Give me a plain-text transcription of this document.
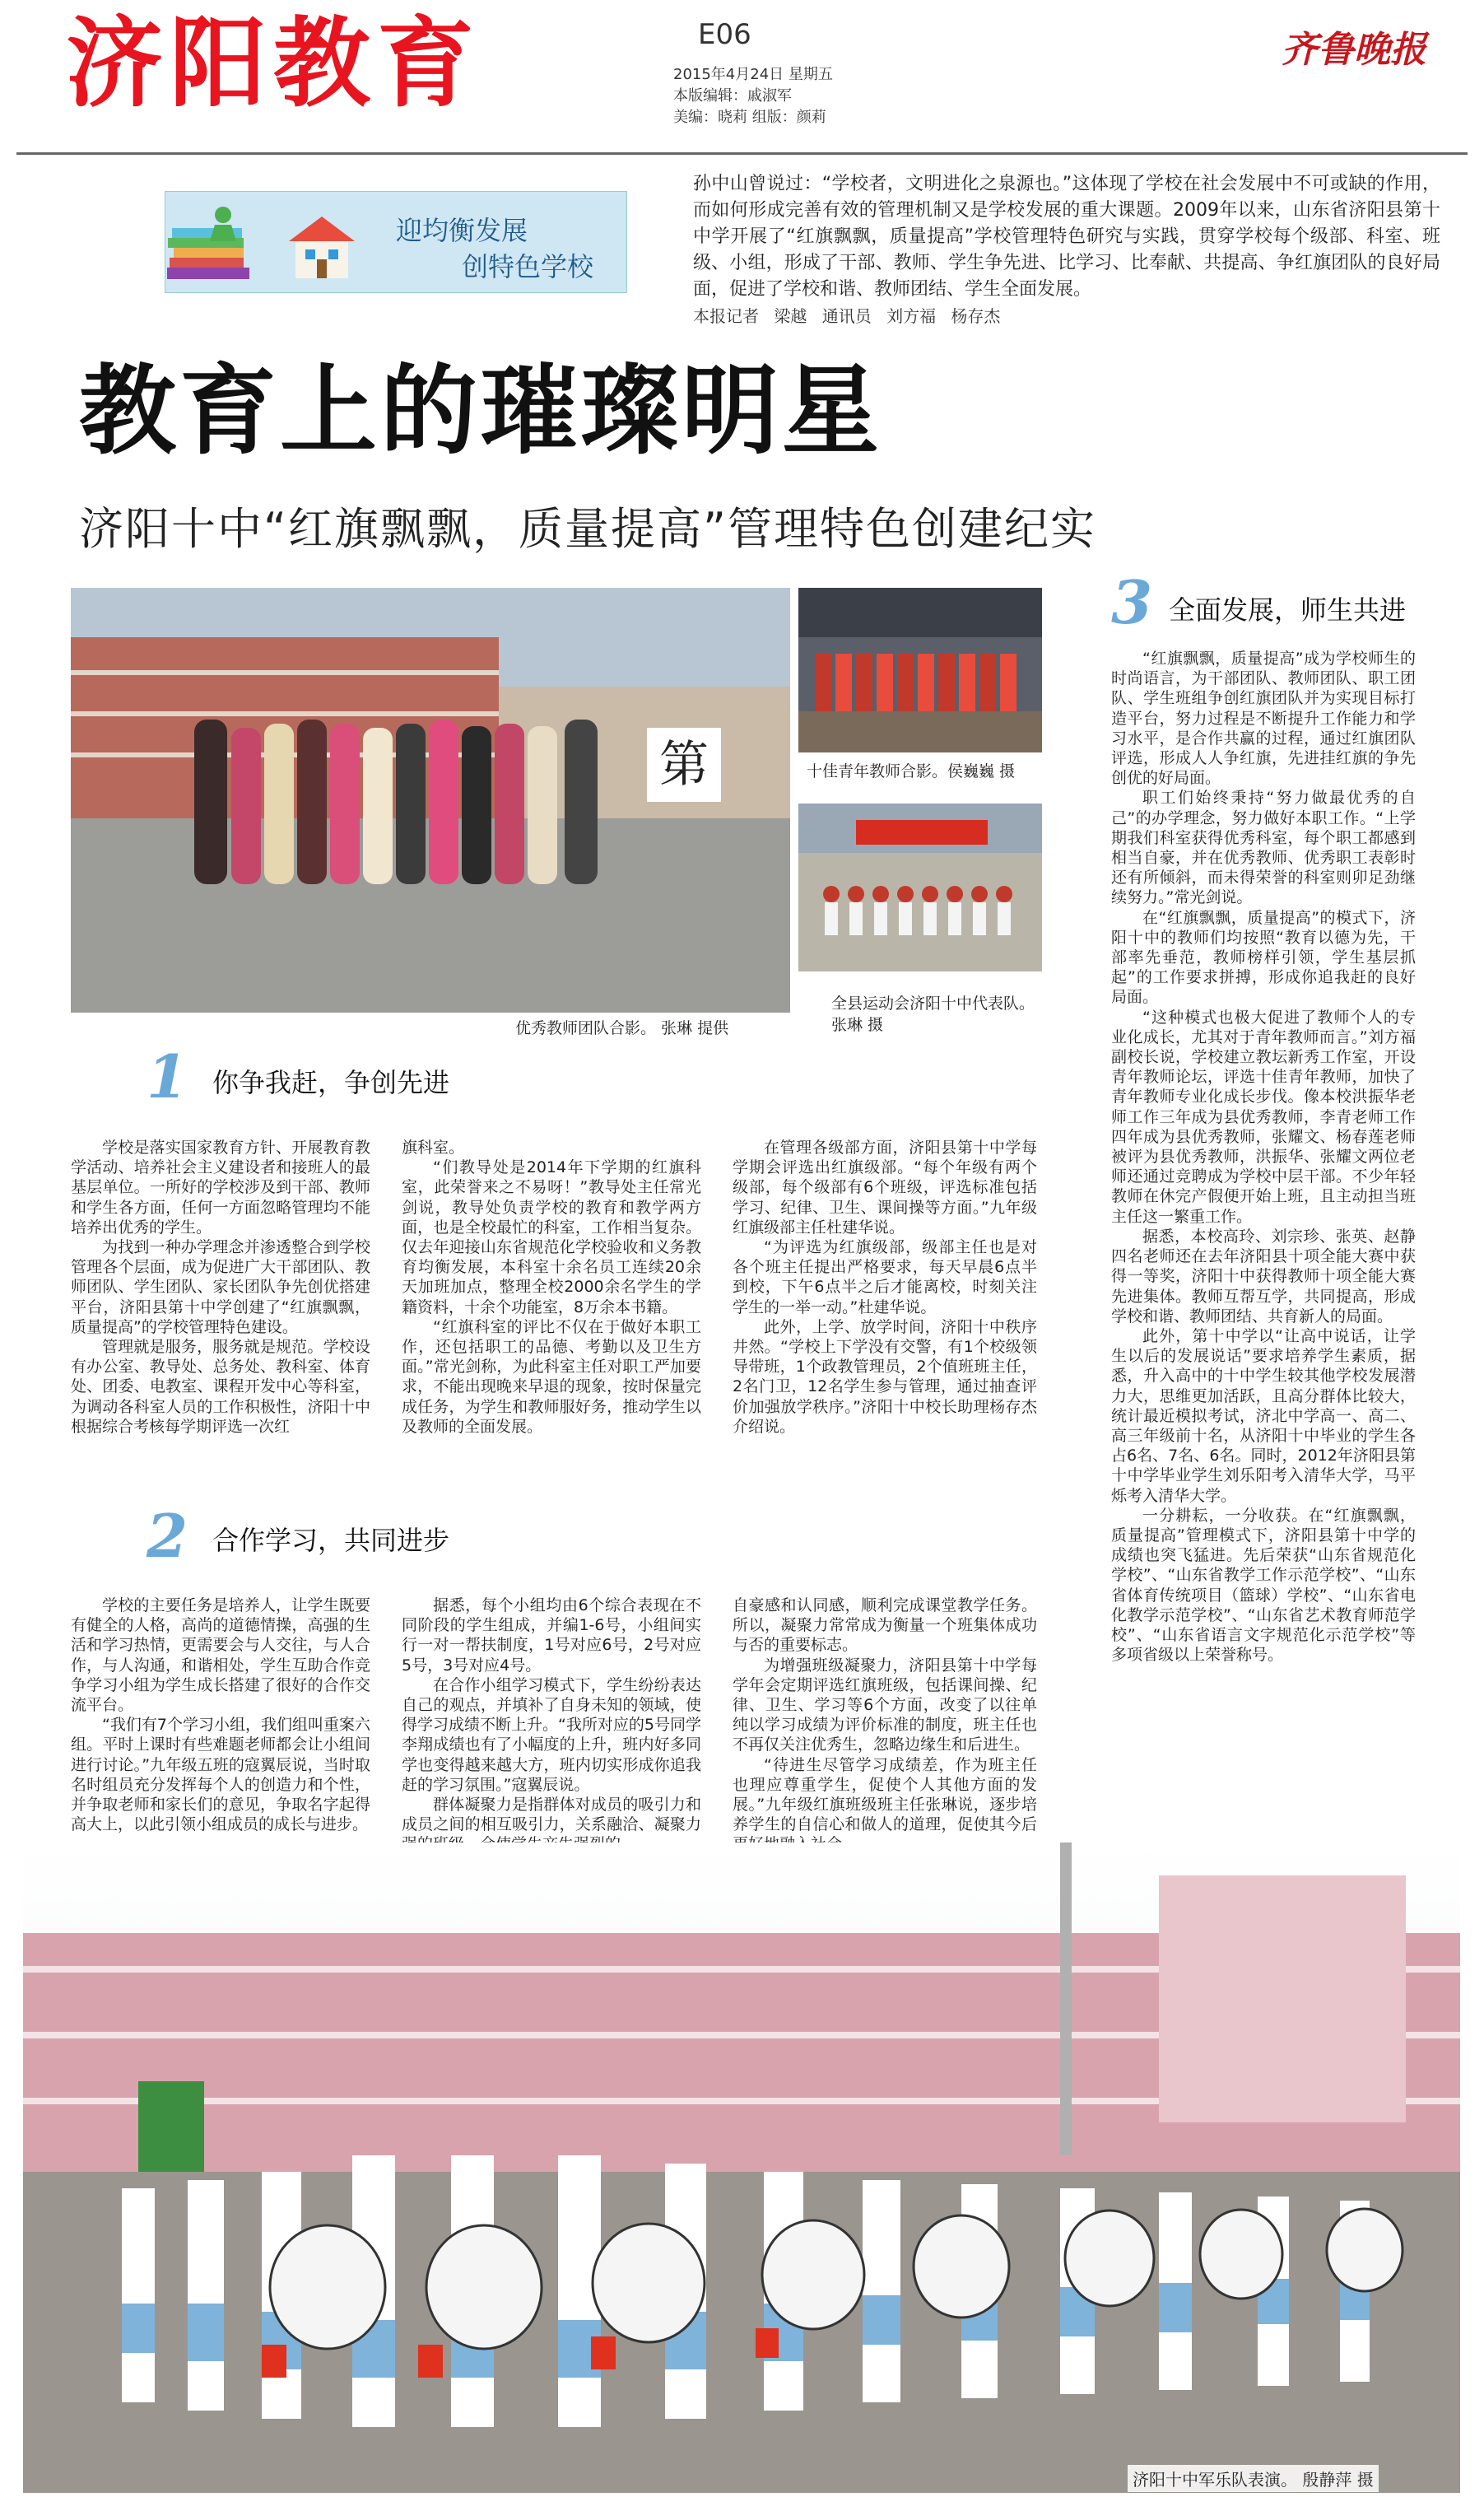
济阳教育	E06
2015年4月24日 星期五
本版编辑：戚淑军
美编：晓莉 组版：颜莉
齐鲁晚报
迎均衡发展
创特色学校
孙中山曾说过：“学校者，文明进化之泉源也。”这体现了学校在社会发展中不可或缺的作用，而如何形成完善有效的管理机制又是学校发展的重大课题。2009年以来，山东省济阳县第十中学开展了“红旗飘飘，质量提高”学校管理特色研究与实践，贯穿学校每个级部、科室、班级、小组，形成了干部、教师、学生争先进、比学习、比奉献、共提高、争红旗团队的良好局面，促进了学校和谐、教师团结、学生全面发展。
本报记者 梁越 通讯员 刘方福 杨存杰
教育上的璀璨明星
济阳十中“红旗飘飘，质量提高”管理特色创建纪实
第	十佳青年教师合影。侯巍巍 摄
全县运动会济阳十中代表队。 张琳 摄
优秀教师团队合影。 张琳 提供
1 你争我赶，争创先进

学校是落实国家教育方针、开展教育教学活动、培养社会主义建设者和接班人的最基层单位。一所好的学校涉及到干部、教师和学生各方面，任何一方面忽略管理均不能培养出优秀的学生。

为找到一种办学理念并渗透整合到学校管理各个层面，成为促进广大干部团队、教师团队、学生团队、家长团队争先创优搭建平台，济阳县第十中学创建了“红旗飘飘，质量提高”的学校管理特色建设。

管理就是服务，服务就是规范。学校设有办公室、教导处、总务处、教科室、体育处、团委、电教室、课程开发中心等科室，为调动各科室人员的工作积极性，济阳十中根据综合考核每学期评选一次红

旗科室。

“们教导处是2014年下学期的红旗科室，此荣誉来之不易呀！”教导处主任常光剑说，教导处负责学校的教育和教学两方面，也是全校最忙的科室，工作相当复杂。仅去年迎接山东省规范化学校验收和义务教育均衡发展，本科室十余名员工连续20余天加班加点，整理全校2000余名学生的学籍资料，十余个功能室，8万余本书籍。

“红旗科室的评比不仅在于做好本职工作，还包括职工的品德、考勤以及卫生方面。”常光剑称，为此科室主任对职工严加要求，不能出现晚来早退的现象，按时保量完成任务，为学生和教师服好务，推动学生以及教师的全面发展。

在管理各级部方面，济阳县第十中学每学期会评选出红旗级部。“每个年级有两个级部，每个级部有6个班级，评选标准包括学习、纪律、卫生、课间操等方面。”九年级红旗级部主任杜建华说。

“为评选为红旗级部，级部主任也是对各个班主任提出严格要求，每天早晨6点半到校，下午6点半之后才能离校，时刻关注学生的一举一动。”杜建华说。

此外，上学、放学时间，济阳十中秩序井然。“学校上下学没有交警，有1个校级领导带班，1个政教管理员，2个值班班主任，2名门卫，12名学生参与管理，通过抽查评价加强放学秩序。”济阳十中校长助理杨存杰介绍说。

2 合作学习，共同进步

学校的主要任务是培养人，让学生既要有健全的人格，高尚的道德情操，高强的生活和学习热情，更需要会与人交往，与人合作，与人沟通，和谐相处，学生互助合作竞争学习小组为学生成长搭建了很好的合作交流平台。

“我们有7个学习小组，我们组叫重案六组。平时上课时有些难题老师都会让小组间进行讨论。”九年级五班的寇翼辰说，当时取名时组员充分发挥每个人的创造力和个性，并争取老师和家长们的意见，争取名字起得高大上，以此引领小组成员的成长与进步。

据悉，每个小组均由6个综合表现在不同阶段的学生组成，并编1-6号，小组间实行一对一帮扶制度，1号对应6号，2号对应5号，3号对应4号。

在合作小组学习模式下，学生纷纷表达自己的观点，并填补了自身未知的领域，使得学习成绩不断上升。“我所对应的5号同学李翔成绩也有了小幅度的上升，班内好多同学也变得越来越大方，班内切实形成你追我赶的学习氛围。”寇翼辰说。

群体凝聚力是指群体对成员的吸引力和成员之间的相互吸引力，关系融洽、凝聚力

自豪感和认同感，顺利完成课堂教学任务。所以，凝聚力常常成为衡量一个班集体成功与否的重要标志。

为增强班级凝聚力，济阳县第十中学每学年会定期评选红旗班级，包括课间操、纪律、卫生、学习等6个方面，改变了以往单纯以学习成绩为评价标准的制度，班主任也不再仅关注优秀生，忽略边缘生和后进生。

“待进生尽管学习成绩差，作为班主任也理应尊重学生，促使个人其他方面的发展。”九年级红旗班级班主任张琳说，逐步培养学生的自信心和做人的道理，促使其今后

3 全面发展，师生共进

“红旗飘飘，质量提高”成为学校师生的时尚语言，为干部团队、教师团队、职工团队、学生班组争创红旗团队并为实现目标打造平台，努力过程是不断提升工作能力和学习水平，是合作共赢的过程，通过红旗团队评选，形成人人争红旗，先进挂红旗的争先创优的好局面。

职工们始终秉持“努力做最优秀的自己”的办学理念，努力做好本职工作。“上学期我们科室获得优秀科室，每个职工都感到相当自豪，并在优秀教师、优秀职工表彰时还有所倾斜，而未得荣誉的科室则卯足劲继续努力。”常光剑说。

在“红旗飘飘，质量提高”的模式下，济阳十中的教师们均按照“教育以德为先，干部率先垂范，教师榜样引领，学生基层抓起”的工作要求拼搏，形成你追我赶的良好局面。

“这种模式也极大促进了教师个人的专业化成长，尤其对于青年教师而言。”刘方福副校长说，学校建立教坛新秀工作室，开设青年教师论坛，评选十佳青年教师，加快了青年教师专业化成长步伐。像本校洪振华老师工作三年成为县优秀教师，李青老师工作四年成为县优秀教师，张耀文、杨春莲老师被评为县优秀教师，洪振华、张耀文两位老师还通过竞聘成为学校中层干部。不少年轻教师在休完产假便开始上班，且主动担当班主任这一繁重工作。

据悉，本校高玲、刘宗珍、张英、赵静四名老师还在去年济阳县十项全能大赛中获得一等奖，济阳十中获得教师十项全能大赛先进集体。教师互帮互学，共同提高，形成学校和谐、教师团结、共育新人的局面。

此外，第十中学以“让高中说话，让学生以后的发展说话”要求培养学生素质，据悉，升入高中的十中学生较其他学校发展潜力大，思维更加活跃，且高分群体比较大，统计最近模拟考试，济北中学高一、高二、高三年级前十名，从济阳十中毕业的学生各占6名、7名、6名。同时，2012年济阳县第十中学毕业学生刘乐阳考入清华大学，马平烁考入清华大学。

一分耕耘，一分收获。在“红旗飘飘，质量提高”管理模式下，济阳县第十中学的成绩也突飞猛进。先后荣获“山东省规范化学校”、“山东省教学工作示范学校”、“山东省体育传统项目（篮球）学校”、“山东省电化教学示范学校”、“山东省艺术教育师范学校”、“山东省语言文字规范化示范学校”等多项省级以上荣誉称号。

济阳十中军乐队表演。 殷静萍 摄
